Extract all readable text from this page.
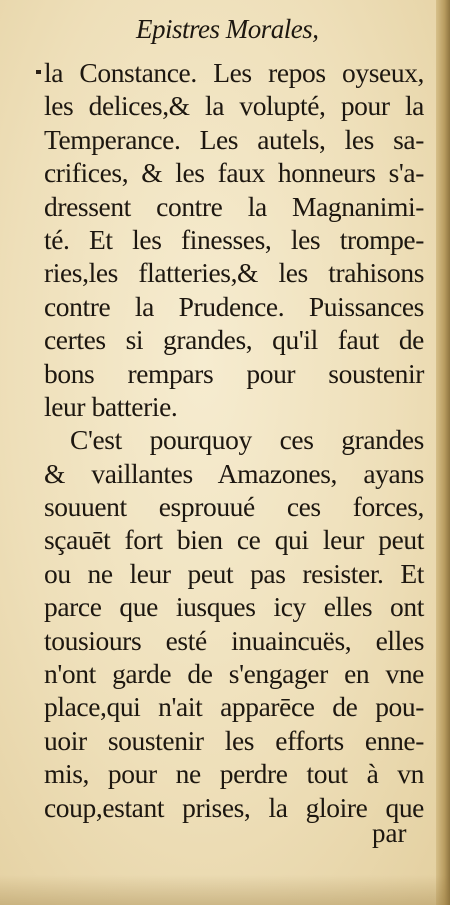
Epistres Morales,
la Constance. Les repos oyseux,
les delices,& la volupté, pour la
Temperance. Les autels, les sa-
crifices, & les faux honneurs s'a-
dressent contre la Magnanimi-
té. Et les finesses, les trompe-
ries,les flatteries,& les trahisons
contre la Prudence. Puissances
certes si grandes, qu'il faut de
bons rempars pour soustenir
leur batterie.
C'est pourquoy ces grandes
& vaillantes Amazones, ayans
souuent esprouué ces forces,
sçauēt fort bien ce qui leur peut
ou ne leur peut pas resister. Et
parce que iusques icy elles ont
tousiours esté inuaincuës, elles
n'ont garde de s'engager en vne
place,qui n'ait apparēce de pou-
uoir soustenir les efforts enne-
mis, pour ne perdre tout à vn
coup,estant prises, la gloire que
par
